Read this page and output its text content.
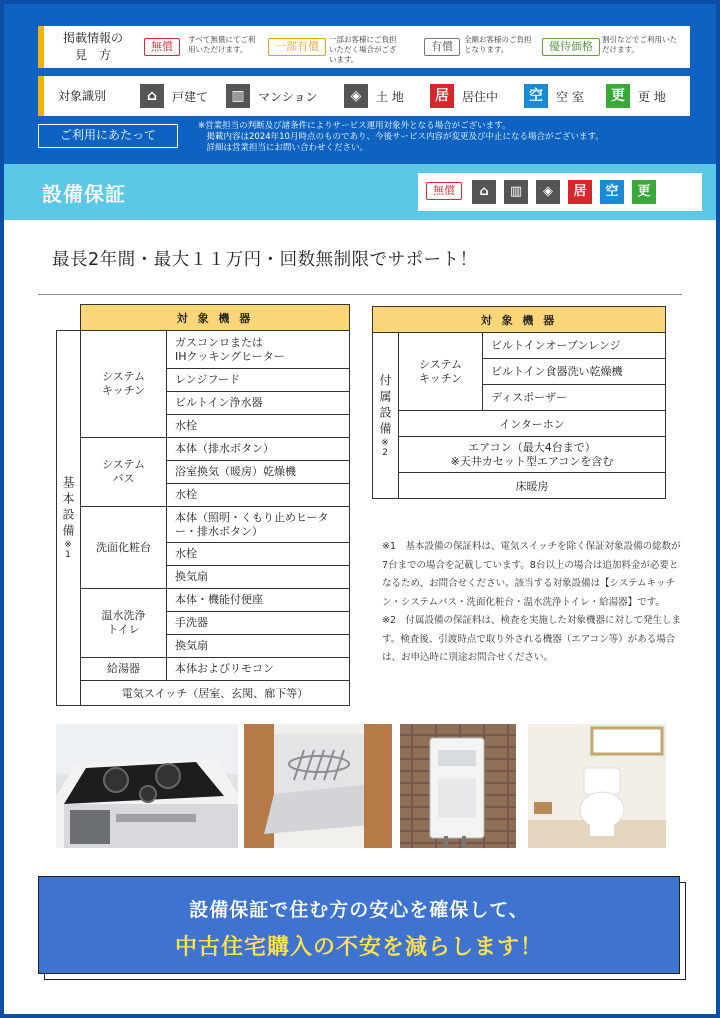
掲載情報の
見　方
無償
すべて無償にてご利用いただけます。	一部有償
一部お客様にご負担いただく場合がございます。
有償
全額お客様のご負担となります。	優待価格
割引などでご利用いただけます。
対象識別	⌂	戸建て	▥	マンション	◈	土 地	居	居住中	空	空 室	更	更 地
ご利用にあたって
※営業担当の判断及び諸条件によりサービス運用対象外となる場合がございます。
　掲載内容は2024年10月時点のものであり、今後サービス内容が変更及び中止になる場合がございます。
　詳細は営業担当にお問い合わせください。
設備保証	無償	⌂	▥	◈	居	空	更
最長2年間・最大１１万円・回数無制限でサポート！
	対 象 機 器	
基本設備※1	システム
キッチン	ガスコンロまたは
IHクッキングヒーター
		レンジフード
		ビルトイン浄水器
		水栓
	システム
バス	本体（排水ボタン）
		浴室換気（暖房）乾燥機
		水栓
	洗面化粧台	本体（照明・くもり止めヒーター・排水ボタン）
		水栓
		換気扇
	温水洗浄
トイレ	本体・機能付便座
		手洗器
		換気扇
	給湯器	本体およびリモコン
	電気スイッチ（居室、玄関、廊下等）	
対 象 機 器
付属設備※2	システム
キッチン	ビルトインオーブンレンジ
ビルトイン食器洗い乾燥機
ディスポーザー
インターホン
エアコン（最大4台まで）
※天井カセット型エアコンを含む
床暖房
※1　基本設備の保証料は、電気スイッチを除く保証対象設備の総数が7台までの場合を記載しています。8台以上の場合は追加料金が必要となるため、お問合せください。該当する対象設備は【システムキッチン・システムバス・洗面化粧台・温水洗浄トイレ・給湯器】です。
※2　付属設備の保証料は、検査を実施した対象機器に対して発生します。検査後、引渡時点で取り外される機器（エアコン等）がある場合は、お申込時に別途お問合せください。
設備保証で住む方の安心を確保して、
中古住宅購入の不安を減らします！
